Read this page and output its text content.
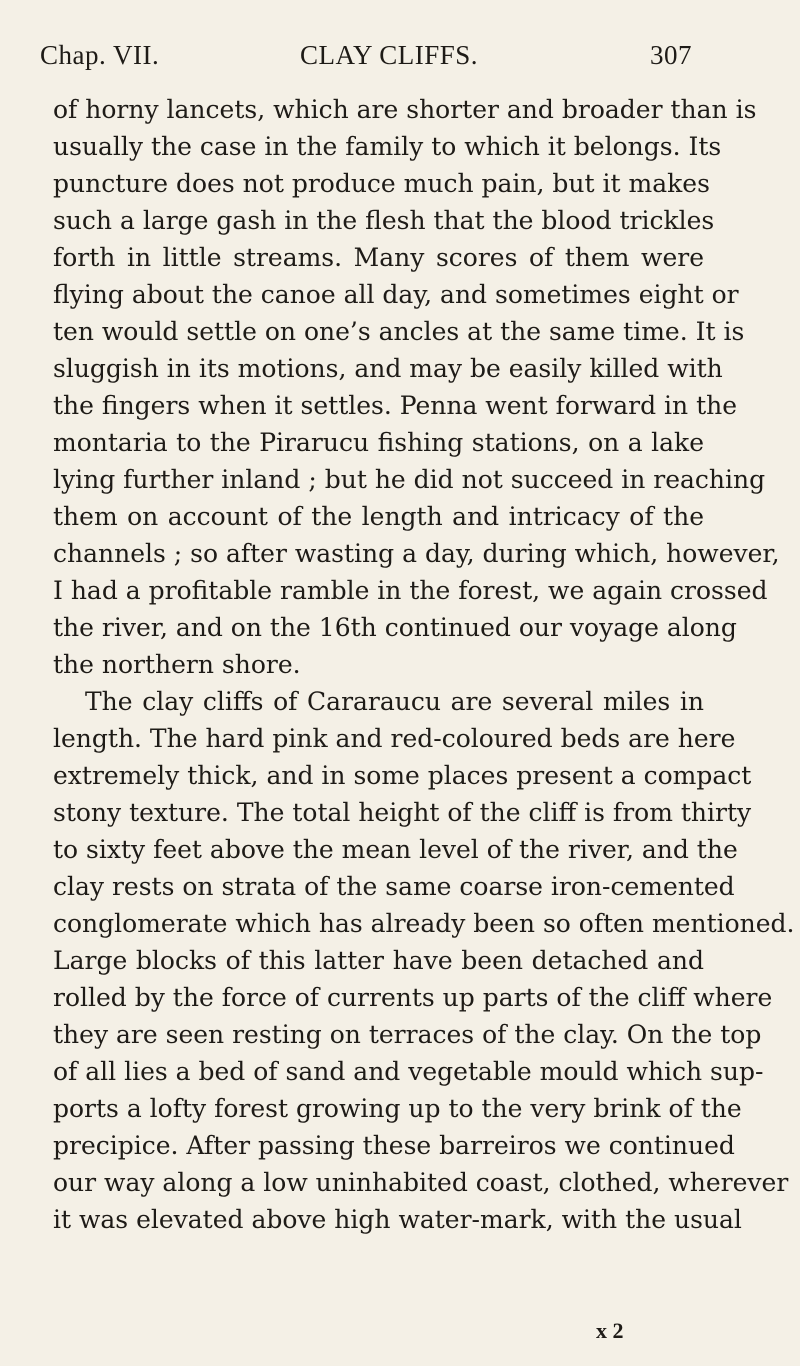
Chap. VII.	CLAY CLIFFS.	307
of horny lancets, which are shorter and broader than is
usually the case in the family to which it belongs. Its
puncture does not produce much pain, but it makes
such a large gash in the flesh that the blood trickles
forth in little streams. Many scores of them were
flying about the canoe all day, and sometimes eight or
ten would settle on one’s ancles at the same time. It is
sluggish in its motions, and may be easily killed with
the fingers when it settles. Penna went forward in the
montaria to the Pirarucu fishing stations, on a lake
lying further inland ; but he did not succeed in reaching
them on account of the length and intricacy of the
channels ; so after wasting a day, during which, however,
I had a profitable ramble in the forest, we again crossed
the river, and on the 16th continued our voyage along
the northern shore.
The clay cliffs of Cararaucu are several miles in
length. The hard pink and red-coloured beds are here
extremely thick, and in some places present a compact
stony texture. The total height of the cliff is from thirty
to sixty feet above the mean level of the river, and the
clay rests on strata of the same coarse iron-cemented
conglomerate which has already been so often mentioned.
Large blocks of this latter have been detached and
rolled by the force of currents up parts of the cliff where
they are seen resting on terraces of the clay. On the top
of all lies a bed of sand and vegetable mould which sup-
ports a lofty forest growing up to the very brink of the
precipice. After passing these barreiros we continued
our way along a low uninhabited coast, clothed, wherever
it was elevated above high water-mark, with the usual
x 2
